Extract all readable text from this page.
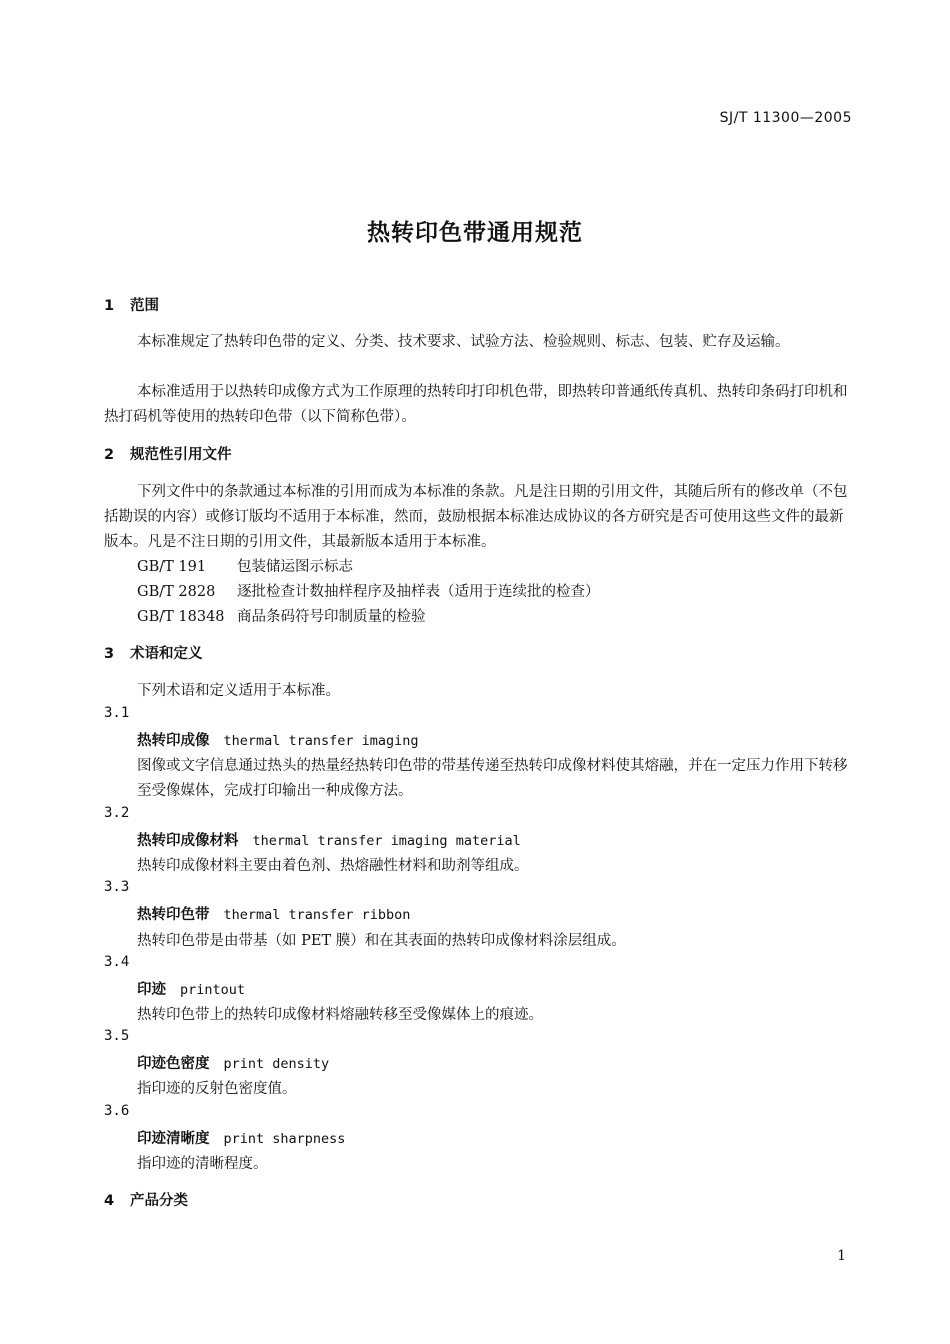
SJ/T 11300—2005
热转印色带通用规范
1 范围
本标准规定了热转印色带的定义、分类、技术要求、试验方法、检验规则、标志、包装、贮存及运输。
本标准适用于以热转印成像方式为工作原理的热转印打印机色带，即热转印普通纸传真机、热转印条码打印机和热打码机等使用的热转印色带（以下简称色带）。
2 规范性引用文件
下列文件中的条款通过本标准的引用而成为本标准的条款。凡是注日期的引用文件，其随后所有的修改单（不包括勘误的内容）或修订版均不适用于本标准，然而，鼓励根据本标准达成协议的各方研究是否可使用这些文件的最新版本。凡是不注日期的引用文件，其最新版本适用于本标准。
GB/T 191 包装储运图示标志
GB/T 2828 逐批检查计数抽样程序及抽样表（适用于连续批的检查）
GB/T 18348 商品条码符号印制质量的检验
3 术语和定义
下列术语和定义适用于本标准。
3.1
热转印成像 thermal transfer imaging
图像或文字信息通过热头的热量经热转印色带的带基传递至热转印成像材料使其熔融，并在一定压力作用下转移至受像媒体，完成打印输出一种成像方法。
3.2
热转印成像材料 thermal transfer imaging material
热转印成像材料主要由着色剂、热熔融性材料和助剂等组成。
3.3
热转印色带 thermal transfer ribbon
热转印色带是由带基（如 PET 膜）和在其表面的热转印成像材料涂层组成。
3.4
印迹 printout
热转印色带上的热转印成像材料熔融转移至受像媒体上的痕迹。
3.5
印迹色密度 print density
指印迹的反射色密度值。
3.6
印迹清晰度 print sharpness
指印迹的清晰程度。
4 产品分类
1
